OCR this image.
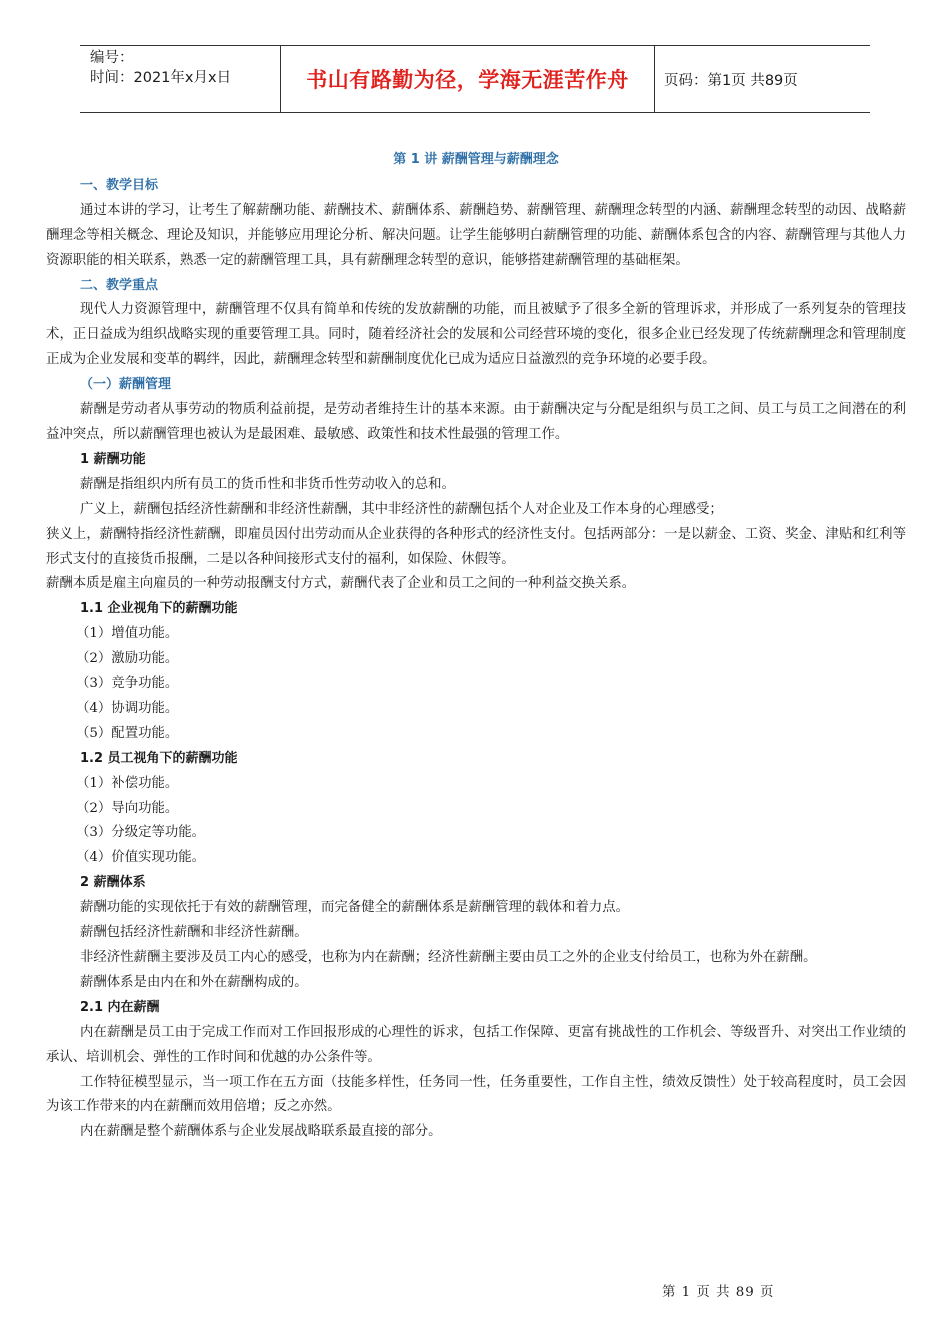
编号：
时间：2021年x月x日	书山有路勤为径，学海无涯苦作舟 页码：第1页 共89页
第 1 讲 薪酬管理与薪酬理念
一、教学目标

通过本讲的学习，让考生了解薪酬功能、薪酬技术、薪酬体系、薪酬趋势、薪酬管理、薪酬理念转型的内涵、薪酬理念转型的动因、战略薪酬理念等相关概念、理论及知识，并能够应用理论分析、解决问题。让学生能够明白薪酬管理的功能、薪酬体系包含的内容、薪酬管理与其他人力资源职能的相关联系，熟悉一定的薪酬管理工具，具有薪酬理念转型的意识，能够搭建薪酬管理的基础框架。

二、教学重点

现代人力资源管理中，薪酬管理不仅具有简单和传统的发放薪酬的功能，而且被赋予了很多全新的管理诉求，并形成了一系列复杂的管理技术，正日益成为组织战略实现的重要管理工具。同时，随着经济社会的发展和公司经营环境的变化，很多企业已经发现了传统薪酬理念和管理制度正成为企业发展和变革的羁绊，因此，薪酬理念转型和薪酬制度优化已成为适应日益激烈的竞争环境的必要手段。

（一）薪酬管理

薪酬是劳动者从事劳动的物质利益前提，是劳动者维持生计的基本来源。由于薪酬决定与分配是组织与员工之间、员工与员工之间潜在的利益冲突点，所以薪酬管理也被认为是最困难、最敏感、政策性和技术性最强的管理工作。

1 薪酬功能

薪酬是指组织内所有员工的货币性和非货币性劳动收入的总和。

广义上，薪酬包括经济性薪酬和非经济性薪酬，其中非经济性的薪酬包括个人对企业及工作本身的心理感受；

狭义上，薪酬特指经济性薪酬，即雇员因付出劳动而从企业获得的各种形式的经济性支付。包括两部分：一是以薪金、工资、奖金、津贴和红利等形式支付的直接货币报酬，二是以各种间接形式支付的福利，如保险、休假等。

薪酬本质是雇主向雇员的一种劳动报酬支付方式，薪酬代表了企业和员工之间的一种利益交换关系。

1.1 企业视角下的薪酬功能

（1）增值功能。

（2）激励功能。

（3）竞争功能。

（4）协调功能。

（5）配置功能。

1.2 员工视角下的薪酬功能

（1）补偿功能。

（2）导向功能。

（3）分级定等功能。

（4）价值实现功能。

2 薪酬体系

薪酬功能的实现依托于有效的薪酬管理，而完备健全的薪酬体系是薪酬管理的载体和着力点。

薪酬包括经济性薪酬和非经济性薪酬。

非经济性薪酬主要涉及员工内心的感受，也称为内在薪酬；经济性薪酬主要由员工之外的企业支付给员工，也称为外在薪酬。

薪酬体系是由内在和外在薪酬构成的。

2.1 内在薪酬

内在薪酬是员工由于完成工作而对工作回报形成的心理性的诉求，包括工作保障、更富有挑战性的工作机会、等级晋升、对突出工作业绩的承认、培训机会、弹性的工作时间和优越的办公条件等。

工作特征模型显示，当一项工作在五方面（技能多样性，任务同一性，任务重要性，工作自主性，绩效反馈性）处于较高程度时，员工会因为该工作带来的内在薪酬而效用倍增；反之亦然。

内在薪酬是整个薪酬体系与企业发展战略联系最直接的部分。

第 1 页 共 89 页
